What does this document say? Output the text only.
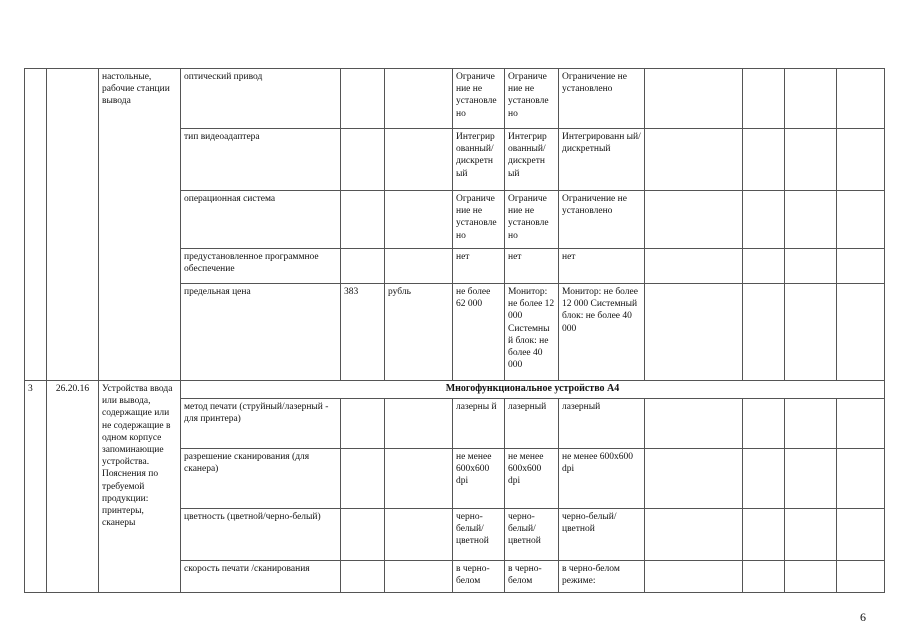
		настольные, рабочие станции вывода	оптический привод			Ограниче ние не установле но	Ограниче ние не установле но	Ограничение не установлено				
			тип видеоадаптера			Интегрир ованный/ дискретн ый	Интегрир ованный/ дискретн ый	Интегрированн ый/дискретный				
			операционная система			Ограниче ние не установле но	Ограниче ние не установле но	Ограничение не установлено				
			предустановленное программное обеспечение			нет	нет	нет				
			предельная цена	383	рубль	не более 62 000	Монитор: не более 12 000 Системны й блок: не более 40 000	Монитор: не более 12 000 Системный блок: не более 40 000				
3	26.20.16	Устройства ввода или вывода, содержащие или не содержащие в одном корпусе запоминающие устройства. Пояснения по требуемой продукции: принтеры, сканеры	Многофункциональное устройство А4									
			метод печати (струйный/лазерный - для принтера)			лазерны й	лазерный	лазерный				
			разрешение сканирования (для сканера)			не менее 600x600 dpi	не менее 600x600 dpi	не менее 600x600 dpi				
			цветность (цветной/черно-белый)			черно-белый/ цветной	черно-белый/ цветной	черно-белый/ цветной				
			скорость печати /сканирования			в черно-белом	в черно-белом	в черно-белом режиме:				
6
